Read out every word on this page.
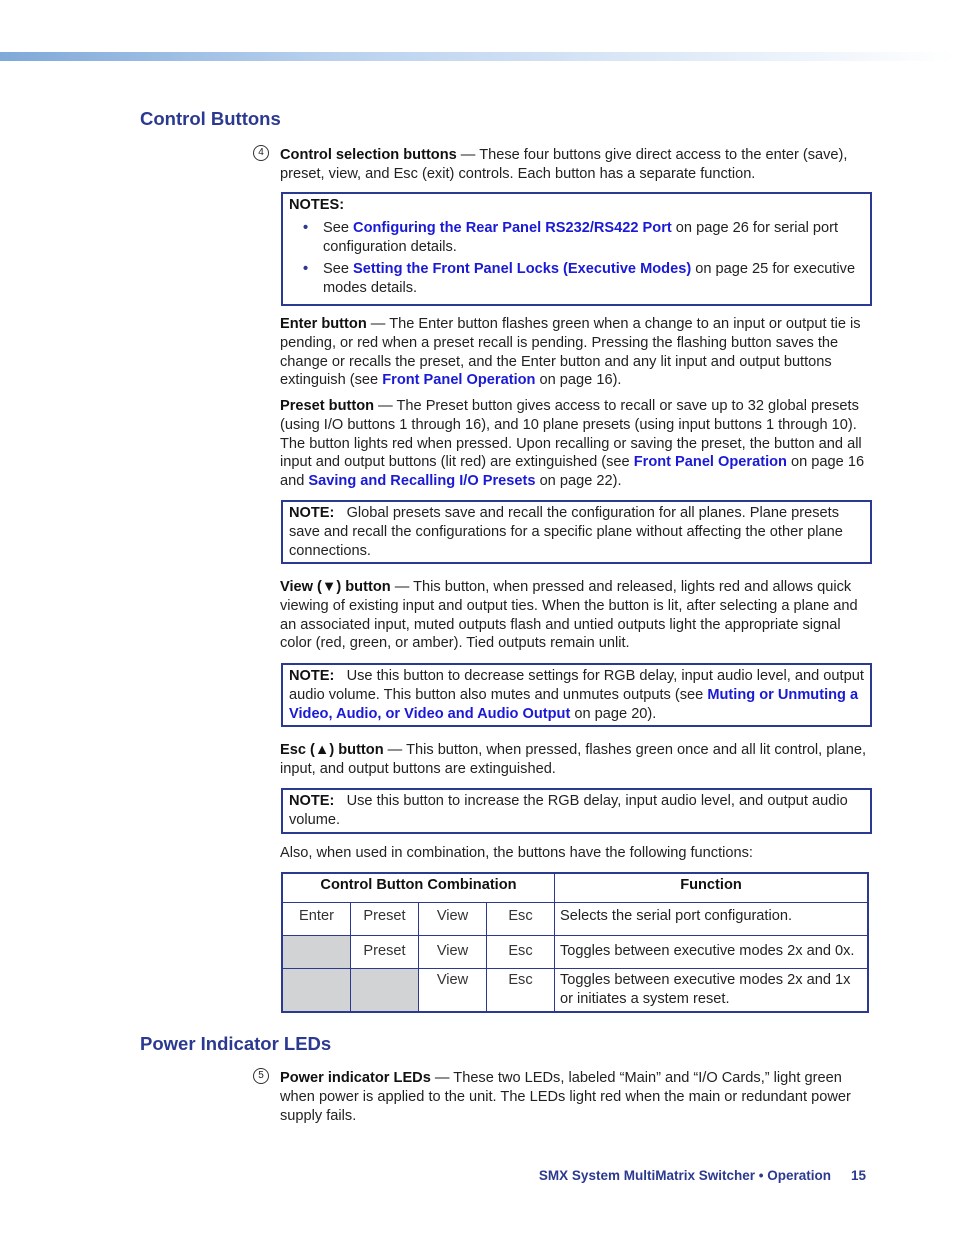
Control Buttons
4	Control selection buttons — These four buttons give direct access to the enter (save), preset, view, and Esc (exit) controls. Each button has a separate function.

NOTES:
• See Configuring the Rear Panel RS232/RS422 Port on page 26 for serial port configuration details.
• See Setting the Front Panel Locks (Executive Modes) on page 25 for executive modes details.

Enter button — The Enter button flashes green when a change to an input or output tie is pending, or red when a preset recall is pending. Pressing the flashing button saves the change or recalls the preset, and the Enter button and any lit input and output buttons extinguish (see Front Panel Operation on page 16).

Preset button — The Preset button gives access to recall or save up to 32 global presets (using I/O buttons 1 through 16), and 10 plane presets (using input buttons 1 through 10). The button lights red when pressed. Upon recalling or saving the preset, the button and all input and output buttons (lit red) are extinguished (see Front Panel Operation on page 16 and Saving and Recalling I/O Presets on page 22).

NOTE: Global presets save and recall the configuration for all planes. Plane presets save and recall the configurations for a specific plane without affecting the other plane connections.

View (▼) button — This button, when pressed and released, lights red and allows quick viewing of existing input and output ties. When the button is lit, after selecting a plane and an associated input, muted outputs flash and untied outputs light the appropriate signal color (red, green, or amber). Tied outputs remain unlit.

NOTE: Use this button to decrease settings for RGB delay, input audio level, and output audio volume. This button also mutes and unmutes outputs (see Muting or Unmuting a Video, Audio, or Video and Audio Output on page 20).

Esc (▲) button — This button, when pressed, flashes green once and all lit control, plane, input, and output buttons are extinguished.

NOTE: Use this button to increase the RGB delay, input audio level, and output audio volume.

Also, when used in combination, the buttons have the following functions:

Control Button Combination				Function
Enter	Preset	View	Esc	Selects the serial port configuration.
	Preset	View	Esc	Toggles between executive modes 2x and 0x.
		View	Esc	Toggles between executive modes 2x and 1x or initiates a system reset.
Power Indicator LEDs
5	Power indicator LEDs — These two LEDs, labeled “Main” and “I/O Cards,” light green when power is applied to the unit. The LEDs light red when the main or redundant power supply fails.

SMX System MultiMatrix Switcher • Operation 15
